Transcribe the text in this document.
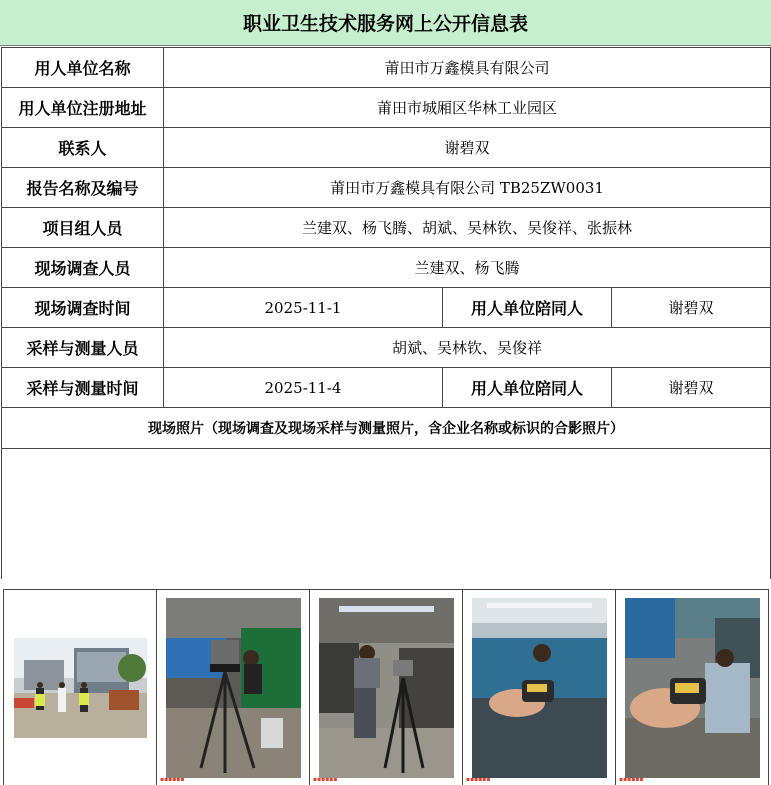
职业卫生技术服务网上公开信息表
用人单位名称	莆田市万鑫模具有限公司		
用人单位注册地址	莆田市城厢区华林工业园区		
联系人	谢碧双		
报告名称及编号	莆田市万鑫模具有限公司 TB25ZW0031		
项目组人员	兰建双、杨飞腾、胡斌、吴林钦、吴俊祥、张振林		
现场调查人员	兰建双、杨飞腾		
现场调查时间	2025-11-1	用人单位陪同人	谢碧双
采样与测量人员	胡斌、吴林钦、吴俊祥		
采样与测量时间	2025-11-4	用人单位陪同人	谢碧双
现场照片（现场调查及现场采样与测量照片，含企业名称或标识的合影照片）			

▪▪▪▪▪▪	▪▪▪▪▪▪	▪▪▪▪▪▪	▪▪▪▪▪▪
